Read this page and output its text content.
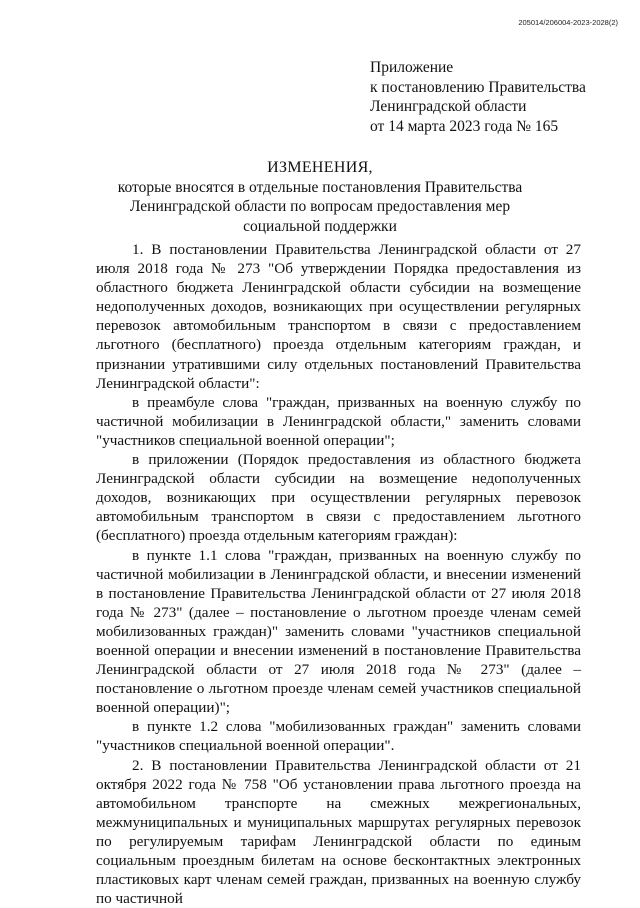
205014/206004-2023-2028(2)
Приложение
к постановлению Правительства
Ленинградской области
от 14 марта 2023 года № 165
ИЗМЕНЕНИЯ,
которые вносятся в отдельные постановления Правительства
Ленинградской области по вопросам предоставления мер
социальной поддержки

1. В постановлении Правительства Ленинградской области от 27 июля 2018 года № 273 "Об утверждении Порядка предоставления из областного бюджета Ленинградской области субсидии на возмещение недополученных доходов, возникающих при осуществлении регулярных перевозок автомобильным транспортом в связи с предоставлением льготного (бесплатного) проезда отдельным категориям граждан, и признании утратившими силу отдельных постановлений Правительства Ленинградской области":

в преамбуле слова "граждан, призванных на военную службу по частичной мобилизации в Ленинградской области," заменить словами "участников специальной военной операции";

в приложении (Порядок предоставления из областного бюджета Ленинградской области субсидии на возмещение недополученных доходов, возникающих при осуществлении регулярных перевозок автомобильным транспортом в связи с предоставлением льготного (бесплатного) проезда отдельным категориям граждан):

в пункте 1.1 слова "граждан, призванных на военную службу по частичной мобилизации в Ленинградской области, и внесении изменений в постановление Правительства Ленинградской области от 27 июля 2018 года № 273" (далее – постановление о льготном проезде членам семей мобилизованных граждан)" заменить словами "участников специальной военной операции и внесении изменений в постановление Правительства Ленинградской области от 27 июля 2018 года № 273" (далее – постановление о льготном проезде членам семей участников специальной военной операции)";

в пункте 1.2 слова "мобилизованных граждан" заменить словами "участников специальной военной операции".

2. В постановлении Правительства Ленинградской области от 21 октября 2022 года № 758 "Об установлении права льготного проезда на автомобильном транспорте на смежных межрегиональных, межмуниципальных и муниципальных маршрутах регулярных перевозок по регулируемым тарифам Ленинградской области по единым социальным проездным билетам на основе бесконтактных электронных пластиковых карт членам семей граждан, призванных на военную службу по частичной
